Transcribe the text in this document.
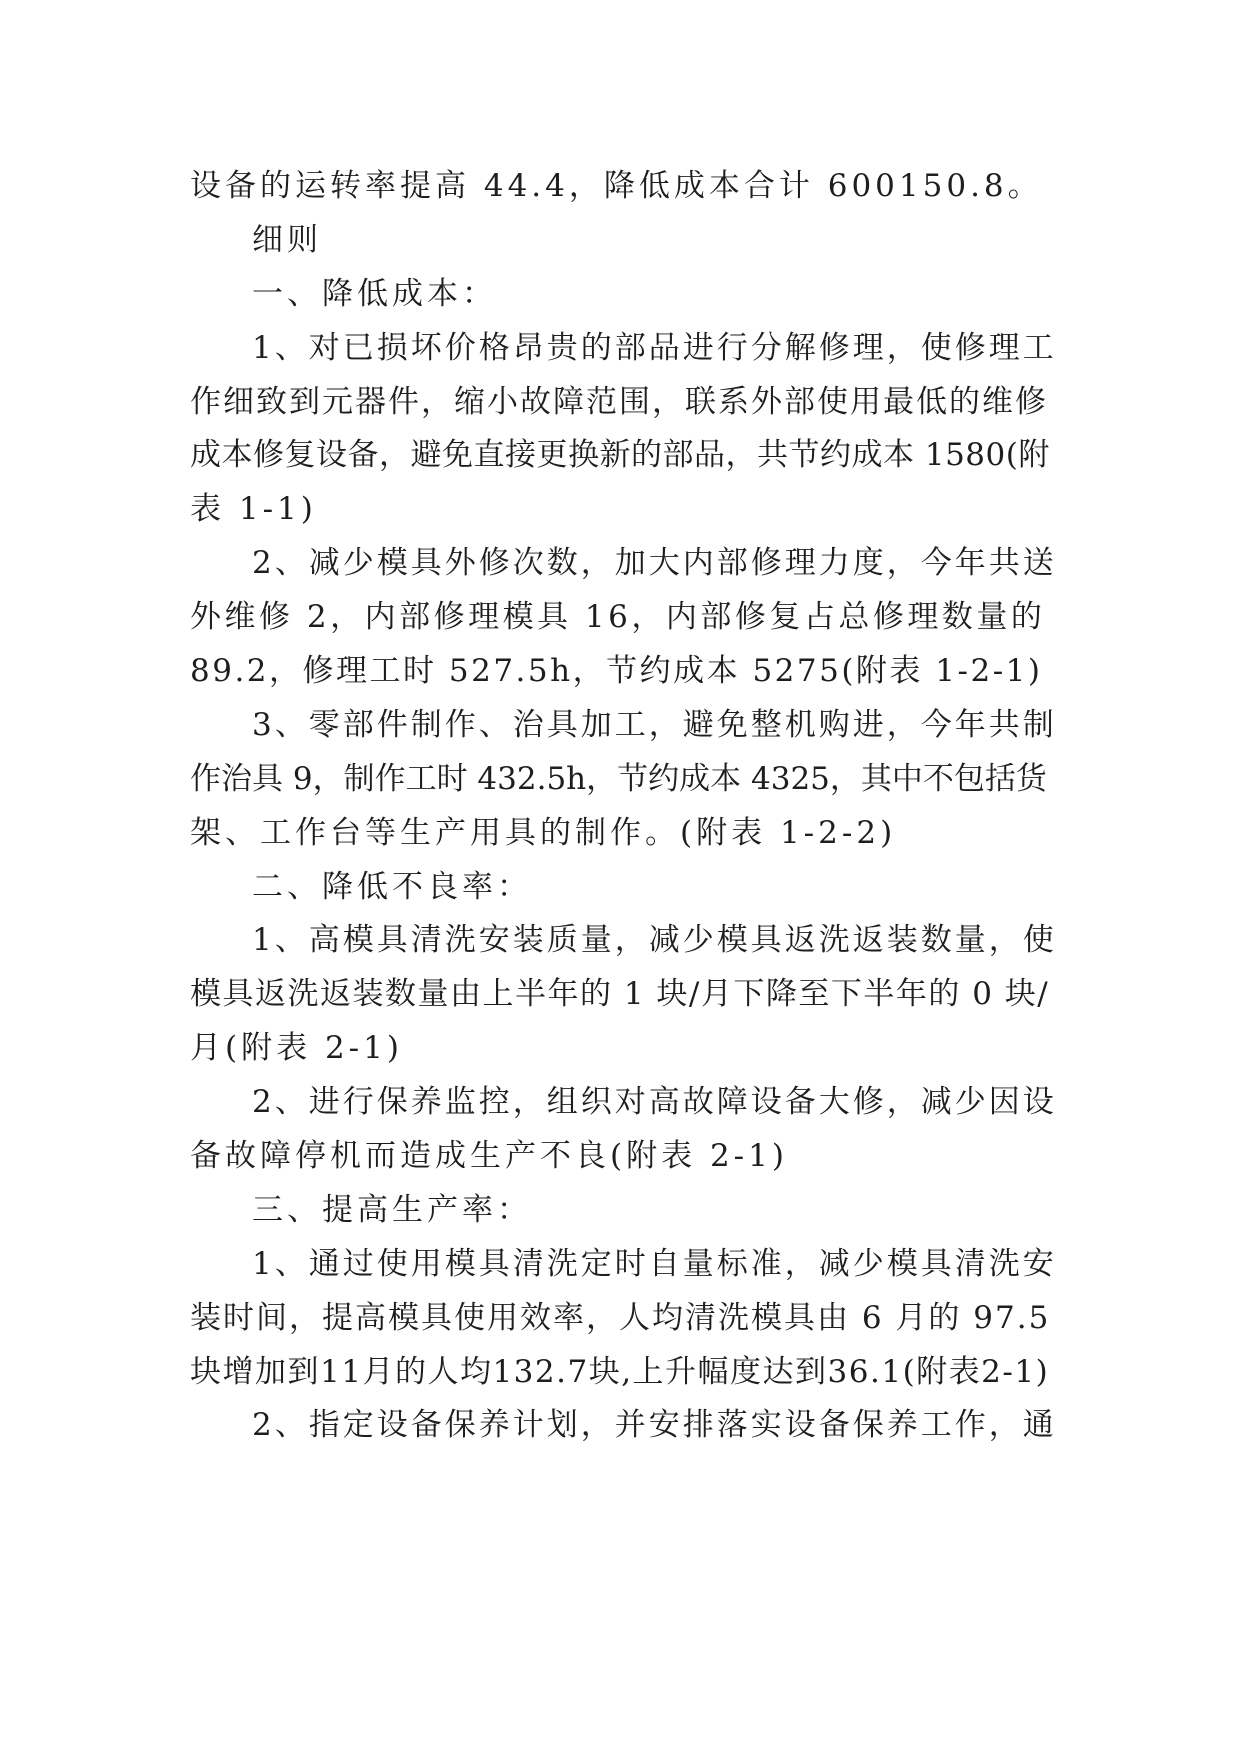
设备的运转率提高 44.4，降低成本合计 600150.8。
细则
一、降低成本：
1、对已损坏价格昂贵的部品进行分解修理，使修理工
作细致到元器件，缩小故障范围，联系外部使用最低的维修
成本修复设备，避免直接更换新的部品，共节约成本 1580(附
表 1-1)
2、减少模具外修次数，加大内部修理力度，今年共送
外维修 2，内部修理模具 16，内部修复占总修理数量的
89.2，修理工时 527.5h，节约成本 5275(附表 1-2-1)
3、零部件制作、治具加工，避免整机购进，今年共制
作治具 9，制作工时 432.5h，节约成本 4325，其中不包括货
架、工作台等生产用具的制作。(附表 1-2-2)
二、降低不良率：
1、高模具清洗安装质量，减少模具返洗返装数量，使
模具返洗返装数量由上半年的 1 块/月下降至下半年的 0 块/
月(附表 2-1)
2、进行保养监控，组织对高故障设备大修，减少因设
备故障停机而造成生产不良(附表 2-1)
三、提高生产率：
1、通过使用模具清洗定时自量标准，减少模具清洗安
装时间，提高模具使用效率，人均清洗模具由 6 月的 97.5
块增加到11月的人均132.7块,上升幅度达到36.1(附表2-1)
2、指定设备保养计划，并安排落实设备保养工作，通
